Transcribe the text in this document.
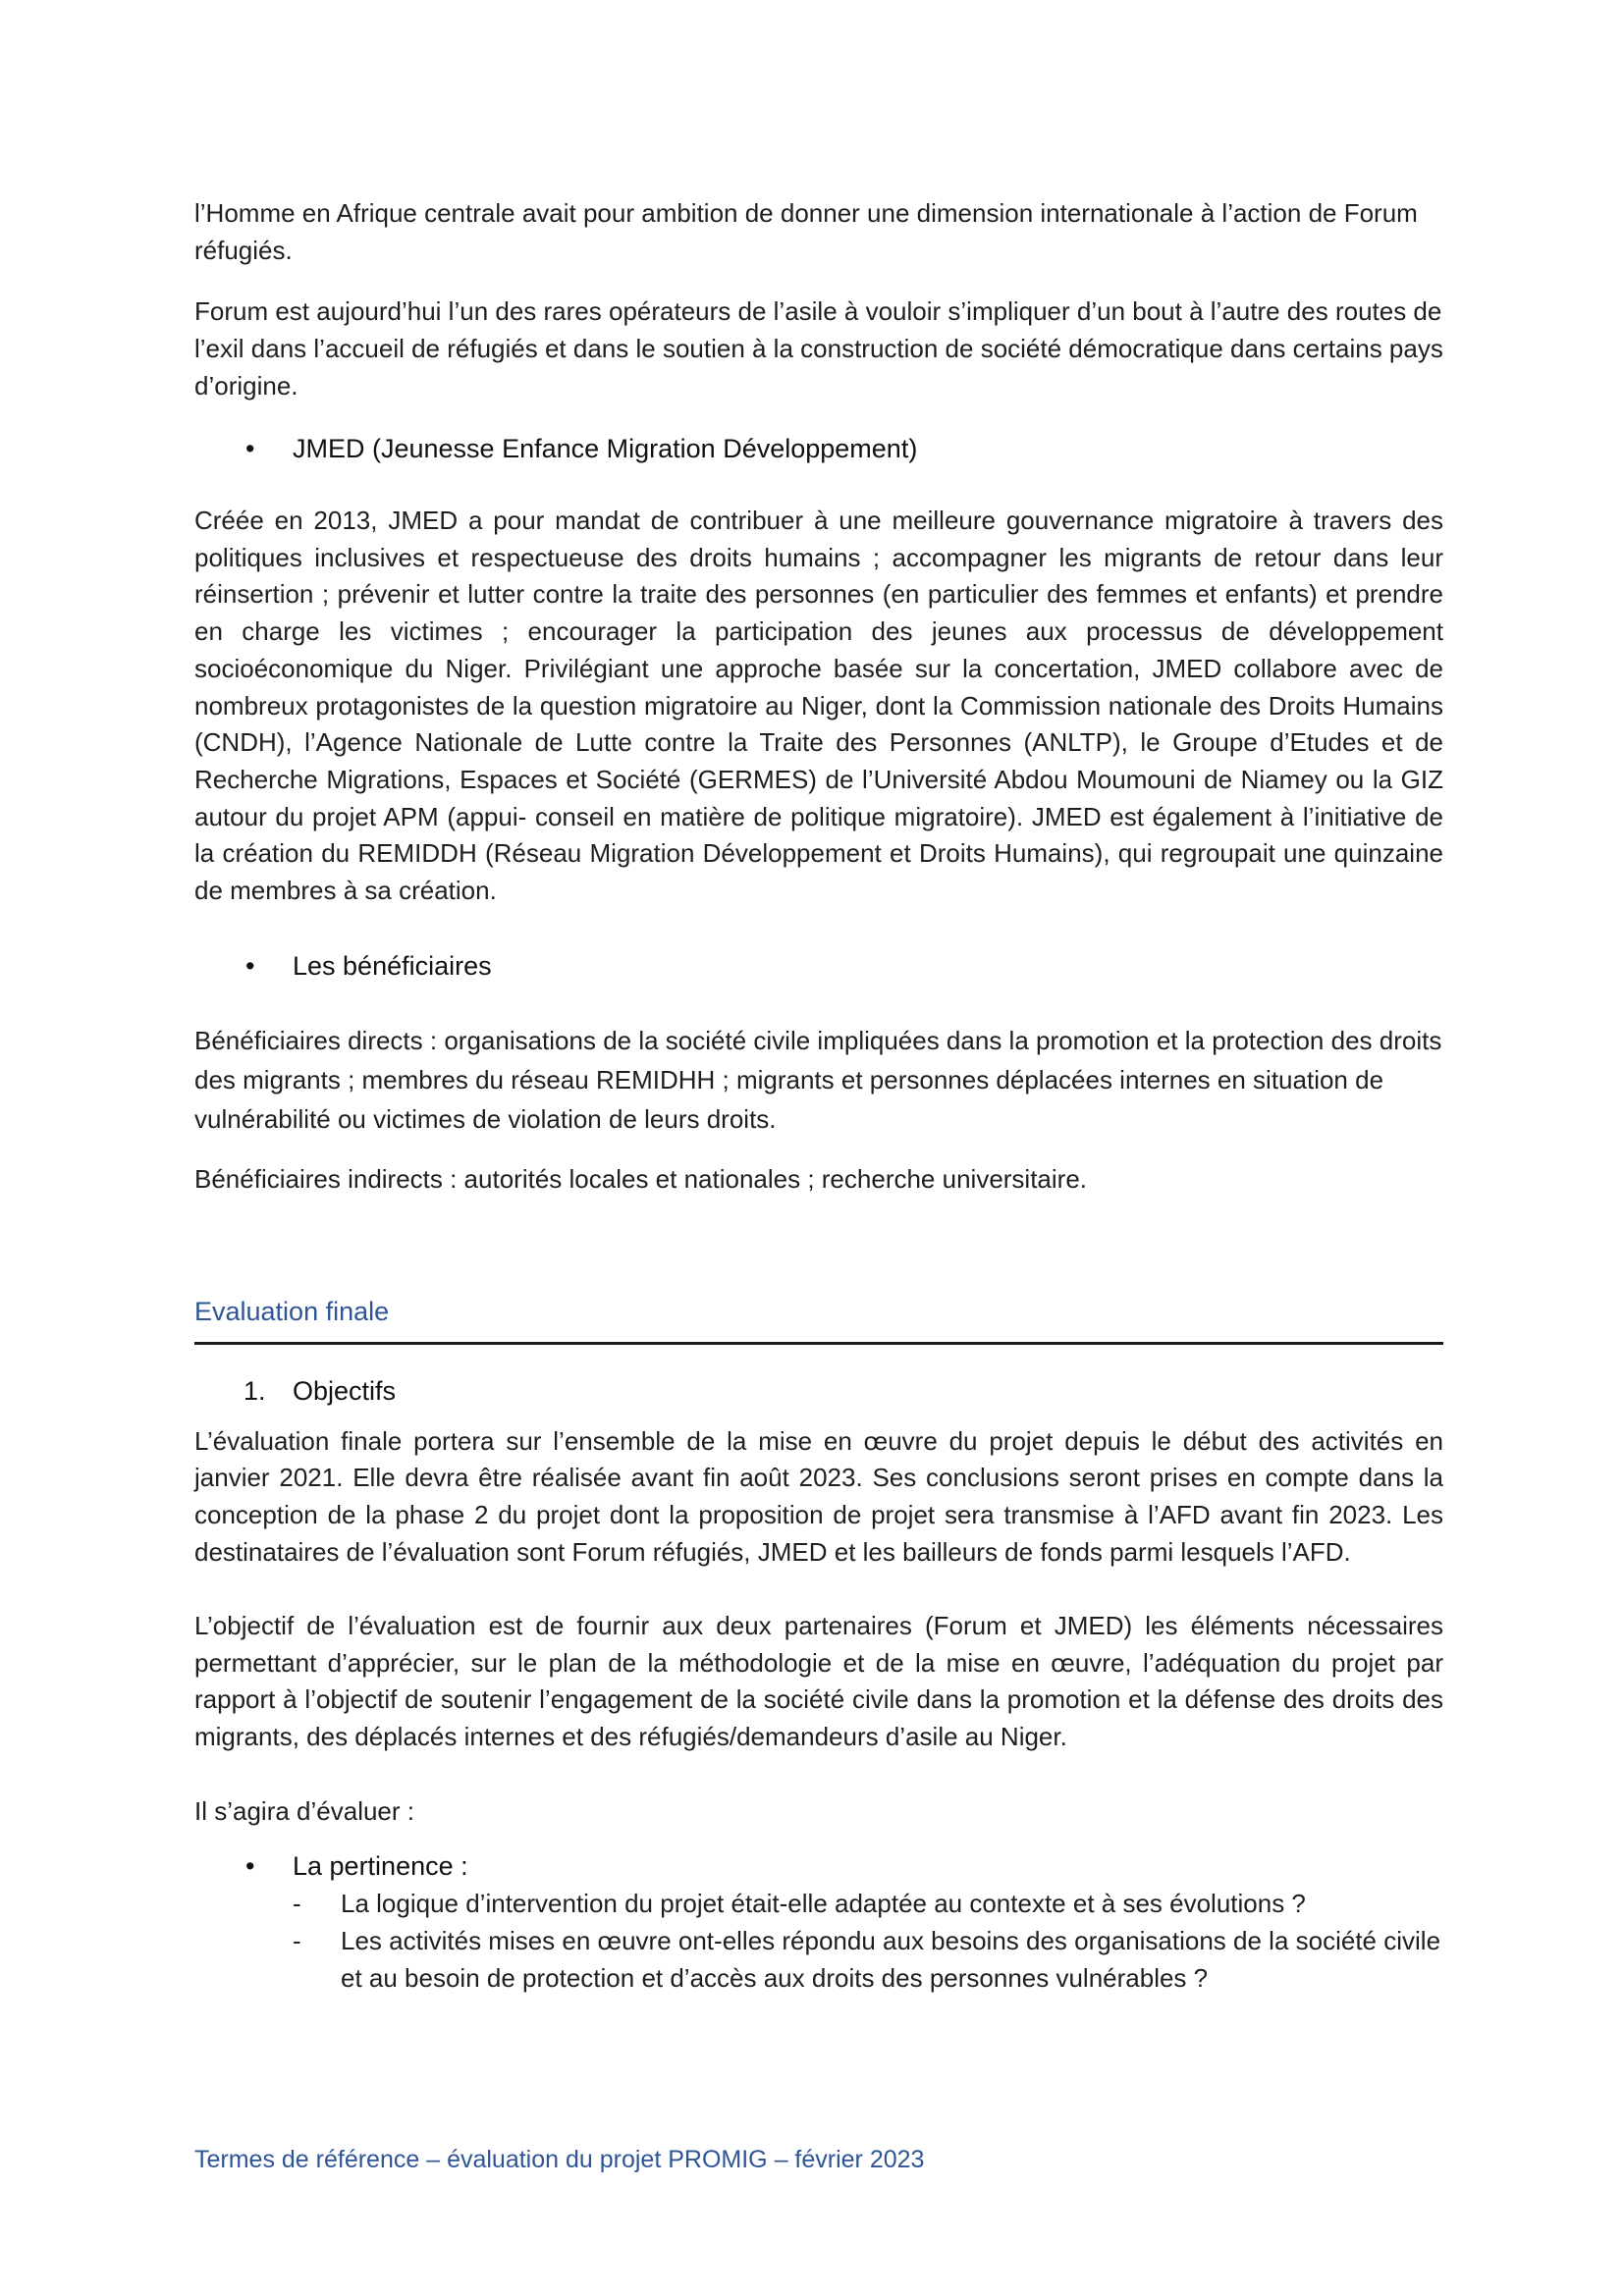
l’Homme en Afrique centrale avait pour ambition de donner une dimension internationale à l’action de Forum réfugiés.

Forum est aujourd’hui l’un des rares opérateurs de l’asile à vouloir s’impliquer d’un bout à l’autre des routes de l’exil dans l’accueil de réfugiés et dans le soutien à la construction de société démocratique dans certains pays d’origine.

• JMED (Jeunesse Enfance Migration Développement)

Créée en 2013, JMED a pour mandat de contribuer à une meilleure gouvernance migratoire à travers des politiques inclusives et respectueuse des droits humains ; accompagner les migrants de retour dans leur réinsertion ; prévenir et lutter contre la traite des personnes (en particulier des femmes et enfants) et prendre en charge les victimes ; encourager la participation des jeunes aux processus de développement socioéconomique du Niger. Privilégiant une approche basée sur la concertation, JMED collabore avec de nombreux protagonistes de la question migratoire au Niger, dont la Commission nationale des Droits Humains (CNDH), l’Agence Nationale de Lutte contre la Traite des Personnes (ANLTP), le Groupe d’Etudes et de Recherche Migrations, Espaces et Société (GERMES) de l’Université Abdou Moumouni de Niamey ou la GIZ autour du projet APM (appui- conseil en matière de politique migratoire). JMED est également à l’initiative de la création du REMIDDH (Réseau Migration Développement et Droits Humains), qui regroupait une quinzaine de membres à sa création.

• Les bénéficiaires

Bénéficiaires directs : organisations de la société civile impliquées dans la promotion et la protection des droits des migrants ; membres du réseau REMIDHH ; migrants et personnes déplacées internes en situation de vulnérabilité ou victimes de violation de leurs droits.

Bénéficiaires indirects : autorités locales et nationales ; recherche universitaire.

Evaluation finale
1. Objectifs

L’évaluation finale portera sur l’ensemble de la mise en œuvre du projet depuis le début des activités en janvier 2021. Elle devra être réalisée avant fin août 2023. Ses conclusions seront prises en compte dans la conception de la phase 2 du projet dont la proposition de projet sera transmise à l’AFD avant fin 2023. Les destinataires de l’évaluation sont Forum réfugiés, JMED et les bailleurs de fonds parmi lesquels l’AFD.

L’objectif de l’évaluation est de fournir aux deux partenaires (Forum et JMED) les éléments nécessaires permettant d’apprécier, sur le plan de la méthodologie et de la mise en œuvre, l’adéquation du projet par rapport à l’objectif de soutenir l’engagement de la société civile dans la promotion et la défense des droits des migrants, des déplacés internes et des réfugiés/demandeurs d’asile au Niger.

Il s’agira d’évaluer :

• La pertinence :
- La logique d’intervention du projet était-elle adaptée au contexte et à ses évolutions ?
- Les activités mises en œuvre ont-elles répondu aux besoins des organisations de la société civile et au besoin de protection et d’accès aux droits des personnes vulnérables ?
Termes de référence – évaluation du projet PROMIG – février 2023
